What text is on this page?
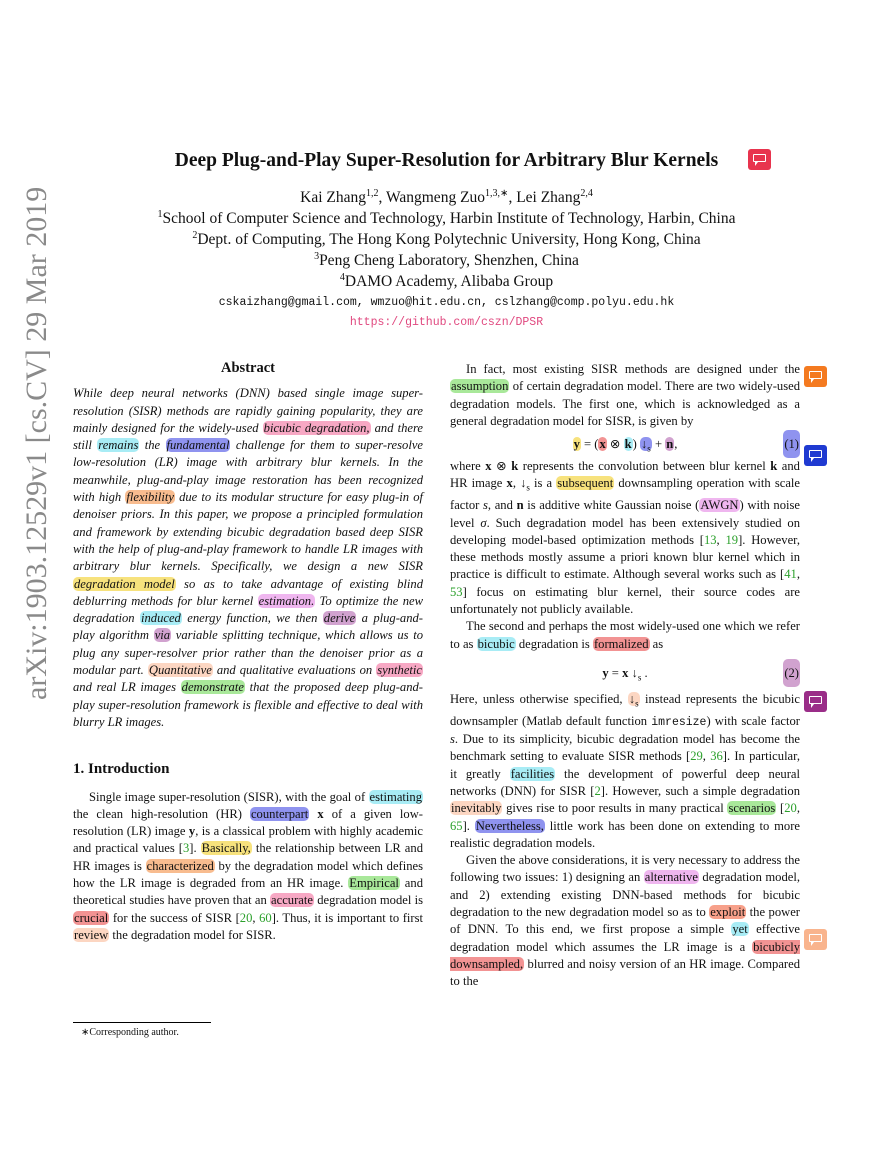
arXiv:1903.12529v1 [cs.CV] 29 Mar 2019
Deep Plug-and-Play Super-Resolution for Arbitrary Blur Kernels
Kai Zhang$^{1,2}$, Wangmeng Zuo$^{1,3,∗}$, Lei Zhang$^{2,4}$
$^1$School of Computer Science and Technology, Harbin Institute of Technology, Harbin, China
$^2$Dept. of Computing, The Hong Kong Polytechnic University, Hong Kong, China
$^3$Peng Cheng Laboratory, Shenzhen, China
$^4$DAMO Academy, Alibaba Group
cskaizhang@gmail.com, wmzuo@hit.edu.cn, cslzhang@comp.polyu.edu.hk
https://github.com/cszn/DPSR

Abstract

While deep neural networks (DNN) based single image super-resolution (SISR) methods are rapidly gaining popularity, they are mainly designed for the widely-used bicubic degradation, and there still remains the fundamental challenge for them to super-resolve low-resolution (LR) image with arbitrary blur kernels. In the meanwhile, plug-and-play image restoration has been recognized with high flexibility due to its modular structure for easy plug-in of denoiser priors. In this paper, we propose a principled formulation and framework by extending bicubic degradation based deep SISR with the help of plug-and-play framework to handle LR images with arbitrary blur kernels. Specifically, we design a new SISR degradation model so as to take advantage of existing blind deblurring methods for blur kernel estimation. To optimize the new degradation induced energy function, we then derive a plug-and-play algorithm via variable splitting technique, which allows us to plug any super-resolver prior rather than the denoiser prior as a modular part. Quantitative and qualitative evaluations on synthetic and real LR images demonstrate that the proposed deep plug-and-play super-resolution framework is flexible and effective to deal with blurry LR images.

1. Introduction

Single image super-resolution (SISR), with the goal of estimating the clean high-resolution (HR) counterpart x of a given low-resolution (LR) image y, is a classical problem with highly academic and practical values [3]. Basically, the relationship between LR and HR images is characterized by the degradation model which defines how the LR image is degraded from an HR image. Empirical and theoretical studies have proven that an accurate degradation model is crucial for the success of SISR [20, 60]. Thus, it is important to first review the degradation model for SISR.

∗Corresponding author.

In fact, most existing SISR methods are designed under the assumption of certain degradation model. There are two widely-used degradation models. The first one, which is acknowledged as a general degradation model for SISR, is given by

y = (x ⊗ k) $↓_s + n$,	(1)

where x ⊗ k represents the convolution between blur kernel k and HR image x, $↓_s$ is a subsequent downsampling operation with scale factor s, and n is additive white Gaussian noise (AWGN) with noise level σ. Such degradation model has been extensively studied on developing model-based optimization methods [13, 19]. However, these methods mostly assume a priori known blur kernel which in practice is difficult to estimate. Although several works such as [41, 53] focus on estimating blur kernel, their source codes are unfortunately not publicly available.

The second and perhaps the most widely-used one which we refer to as bicubic degradation is formalized as

y = x $↓_s$ .	(2)

Here, unless otherwise specified, $↓_s$ instead represents the bicubic downsampler (Matlab default function imresize) with scale factor s. Due to its simplicity, bicubic degradation model has become the benchmark setting to evaluate SISR methods [29, 36]. In particular, it greatly facilities the development of powerful deep neural networks (DNN) for SISR [2]. However, such a simple degradation inevitably gives rise to poor results in many practical scenarios [20, 65]. Nevertheless, little work has been done on extending to more realistic degradation models.

Given the above considerations, it is very necessary to address the following two issues: 1) designing an alternative degradation model, and 2) extending existing DNN-based methods for bicubic degradation to the new degradation model so as to exploit the power of DNN. To this end, we first propose a simple yet effective degradation model which assumes the LR image is a bicubicly downsampled, blurred and noisy version of an HR image. Compared to the
